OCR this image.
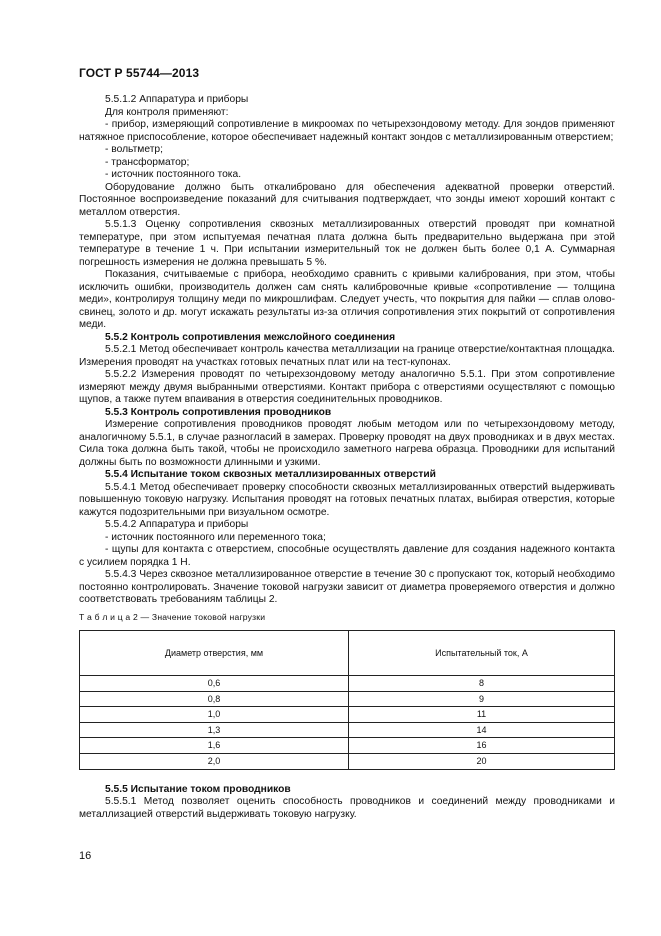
ГОСТ Р 55744—2013

5.5.1.2 Аппаратура и приборы

Для контроля применяют:

- прибор, измеряющий сопротивление в микроомах по четырехзондовому методу. Для зондов применяют натяжное приспособление, которое обеспечивает надежный контакт зондов с металлизированным отверстием;

- вольтметр;

- трансформатор;

- источник постоянного тока.

Оборудование должно быть откалибровано для обеспечения адекватной проверки отверстий. Постоянное воспроизведение показаний для считывания подтверждает, что зонды имеют хороший контакт с металлом отверстия.

5.5.1.3 Оценку сопротивления сквозных металлизированных отверстий проводят при комнатной температуре, при этом испытуемая печатная плата должна быть предварительно выдержана при этой температуре в течение 1 ч. При испытании измерительный ток не должен быть более 0,1 А. Суммарная погрешность измерения не должна превышать 5 %.

Показания, считываемые с прибора, необходимо сравнить с кривыми калибрования, при этом, чтобы исключить ошибки, производитель должен сам снять калибровочные кривые «сопротивление — толщина меди», контролируя толщину меди по микрошлифам. Следует учесть, что покрытия для пайки — сплав олово-свинец, золото и др. могут искажать результаты из-за отличия сопротивления этих покрытий от сопротивления меди.

5.5.2 Контроль сопротивления межслойного соединения

5.5.2.1 Метод обеспечивает контроль качества металлизации на границе отверстие/контактная площадка. Измерения проводят на участках готовых печатных плат или на тест-купонах.

5.5.2.2 Измерения проводят по четырехзондовому методу аналогично 5.5.1. При этом сопротивление измеряют между двумя выбранными отверстиями. Контакт прибора с отверстиями осуществляют с помощью щупов, а также путем впаивания в отверстия соединительных проводников.

5.5.3 Контроль сопротивления проводников

Измерение сопротивления проводников проводят любым методом или по четырехзондовому методу, аналогичному 5.5.1, в случае разногласий в замерах. Проверку проводят на двух проводниках и в двух местах. Сила тока должна быть такой, чтобы не происходило заметного нагрева образца. Проводники для испытаний должны быть по возможности длинными и узкими.

5.5.4 Испытание током сквозных металлизированных отверстий

5.5.4.1 Метод обеспечивает проверку способности сквозных металлизированных отверстий выдерживать повышенную токовую нагрузку. Испытания проводят на готовых печатных платах, выбирая отверстия, которые кажутся подозрительными при визуальном осмотре.

5.5.4.2 Аппаратура и приборы

- источник постоянного или переменного тока;

- щупы для контакта с отверстием, способные осуществлять давление для создания надежного контакта с усилием порядка 1 Н.

5.5.4.3 Через сквозное металлизированное отверстие в течение 30 с пропускают ток, который необходимо постоянно контролировать. Значение токовой нагрузки зависит от диаметра проверяемого отверстия и должно соответствовать требованиям таблицы 2.

Т а б л и ц а 2 — Значение токовой нагрузки

Диаметр отверстия, мм	Испытательный ток, А
0,6	8
0,8	9
1,0	11
1,3	14
1,6	16
2,0	20

5.5.5 Испытание током проводников

5.5.5.1 Метод позволяет оценить способность проводников и соединений между проводниками и металлизацией отверстий выдерживать токовую нагрузку.

16
